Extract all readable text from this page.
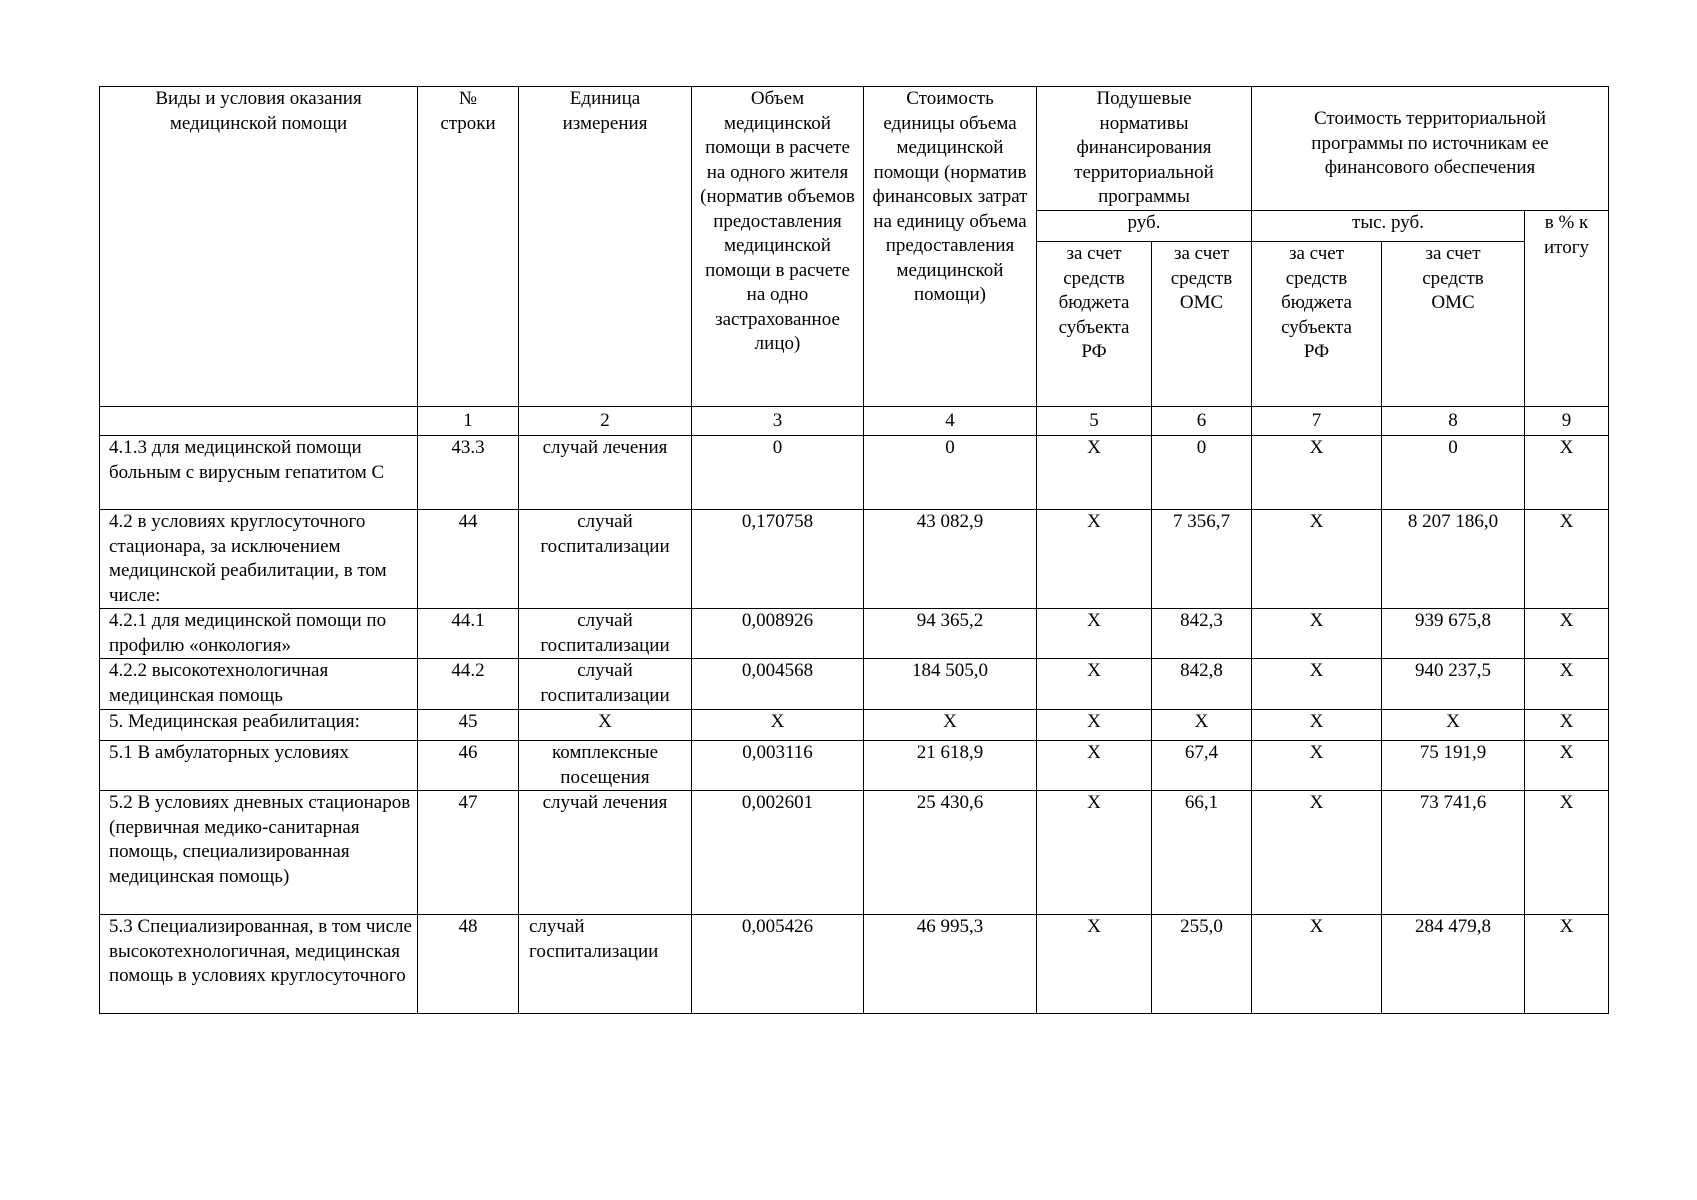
Виды и условия оказания медицинской помощи	№ строки	Единица измерения	Объем медицинской помощи в расчете на одного жителя (норматив объемов предоставления медицинской помощи в расчете на одно застрахованное лицо)	Стоимость единицы объема медицинской помощи (норматив финансовых затрат на единицу объема предоставления медицинской помощи)	Подушевые нормативы финансирования территориальной программы		Стоимость территориальной программы по источникам ее финансового обеспечения		
					руб.		тыс. руб.		в % к итогу
					за счет средств бюджета субъекта РФ	за счет средств ОМС	за счет средств бюджета субъекта РФ	за счет средств ОМС	
	1	2	3	4	5	6	7	8	9
4.1.3 для медицинской помощи больным с вирусным гепатитом С	43.3	случай лечения	0	0	Х	0	Х	0	Х
4.2 в условиях круглосуточного стационара, за исключением медицинской реабилитации, в том числе:	44	случай госпитализации	0,170758	43 082,9	Х	7 356,7	Х	8 207 186,0	Х
4.2.1 для медицинской помощи по профилю «онкология»	44.1	случай госпитализации	0,008926	94 365,2	Х	842,3	Х	939 675,8	Х
4.2.2 высокотехнологичная медицинская помощь	44.2	случай госпитализации	0,004568	184 505,0	Х	842,8	Х	940 237,5	Х
5. Медицинская реабилитация:	45	Х	Х	Х	Х	Х	Х	Х	Х
5.1 В амбулаторных условиях	46	комплексные посещения	0,003116	21 618,9	Х	67,4	Х	75 191,9	Х
5.2 В условиях дневных стационаров (первичная медико-санитарная помощь, специализированная медицинская помощь)	47	случай лечения	0,002601	25 430,6	Х	66,1	Х	73 741,6	Х
5.3 Специализированная, в том числе высокотехнологичная, медицинская помощь в условиях круглосуточного	48	случай госпитализации	0,005426	46 995,3	Х	255,0	Х	284 479,8	Х
